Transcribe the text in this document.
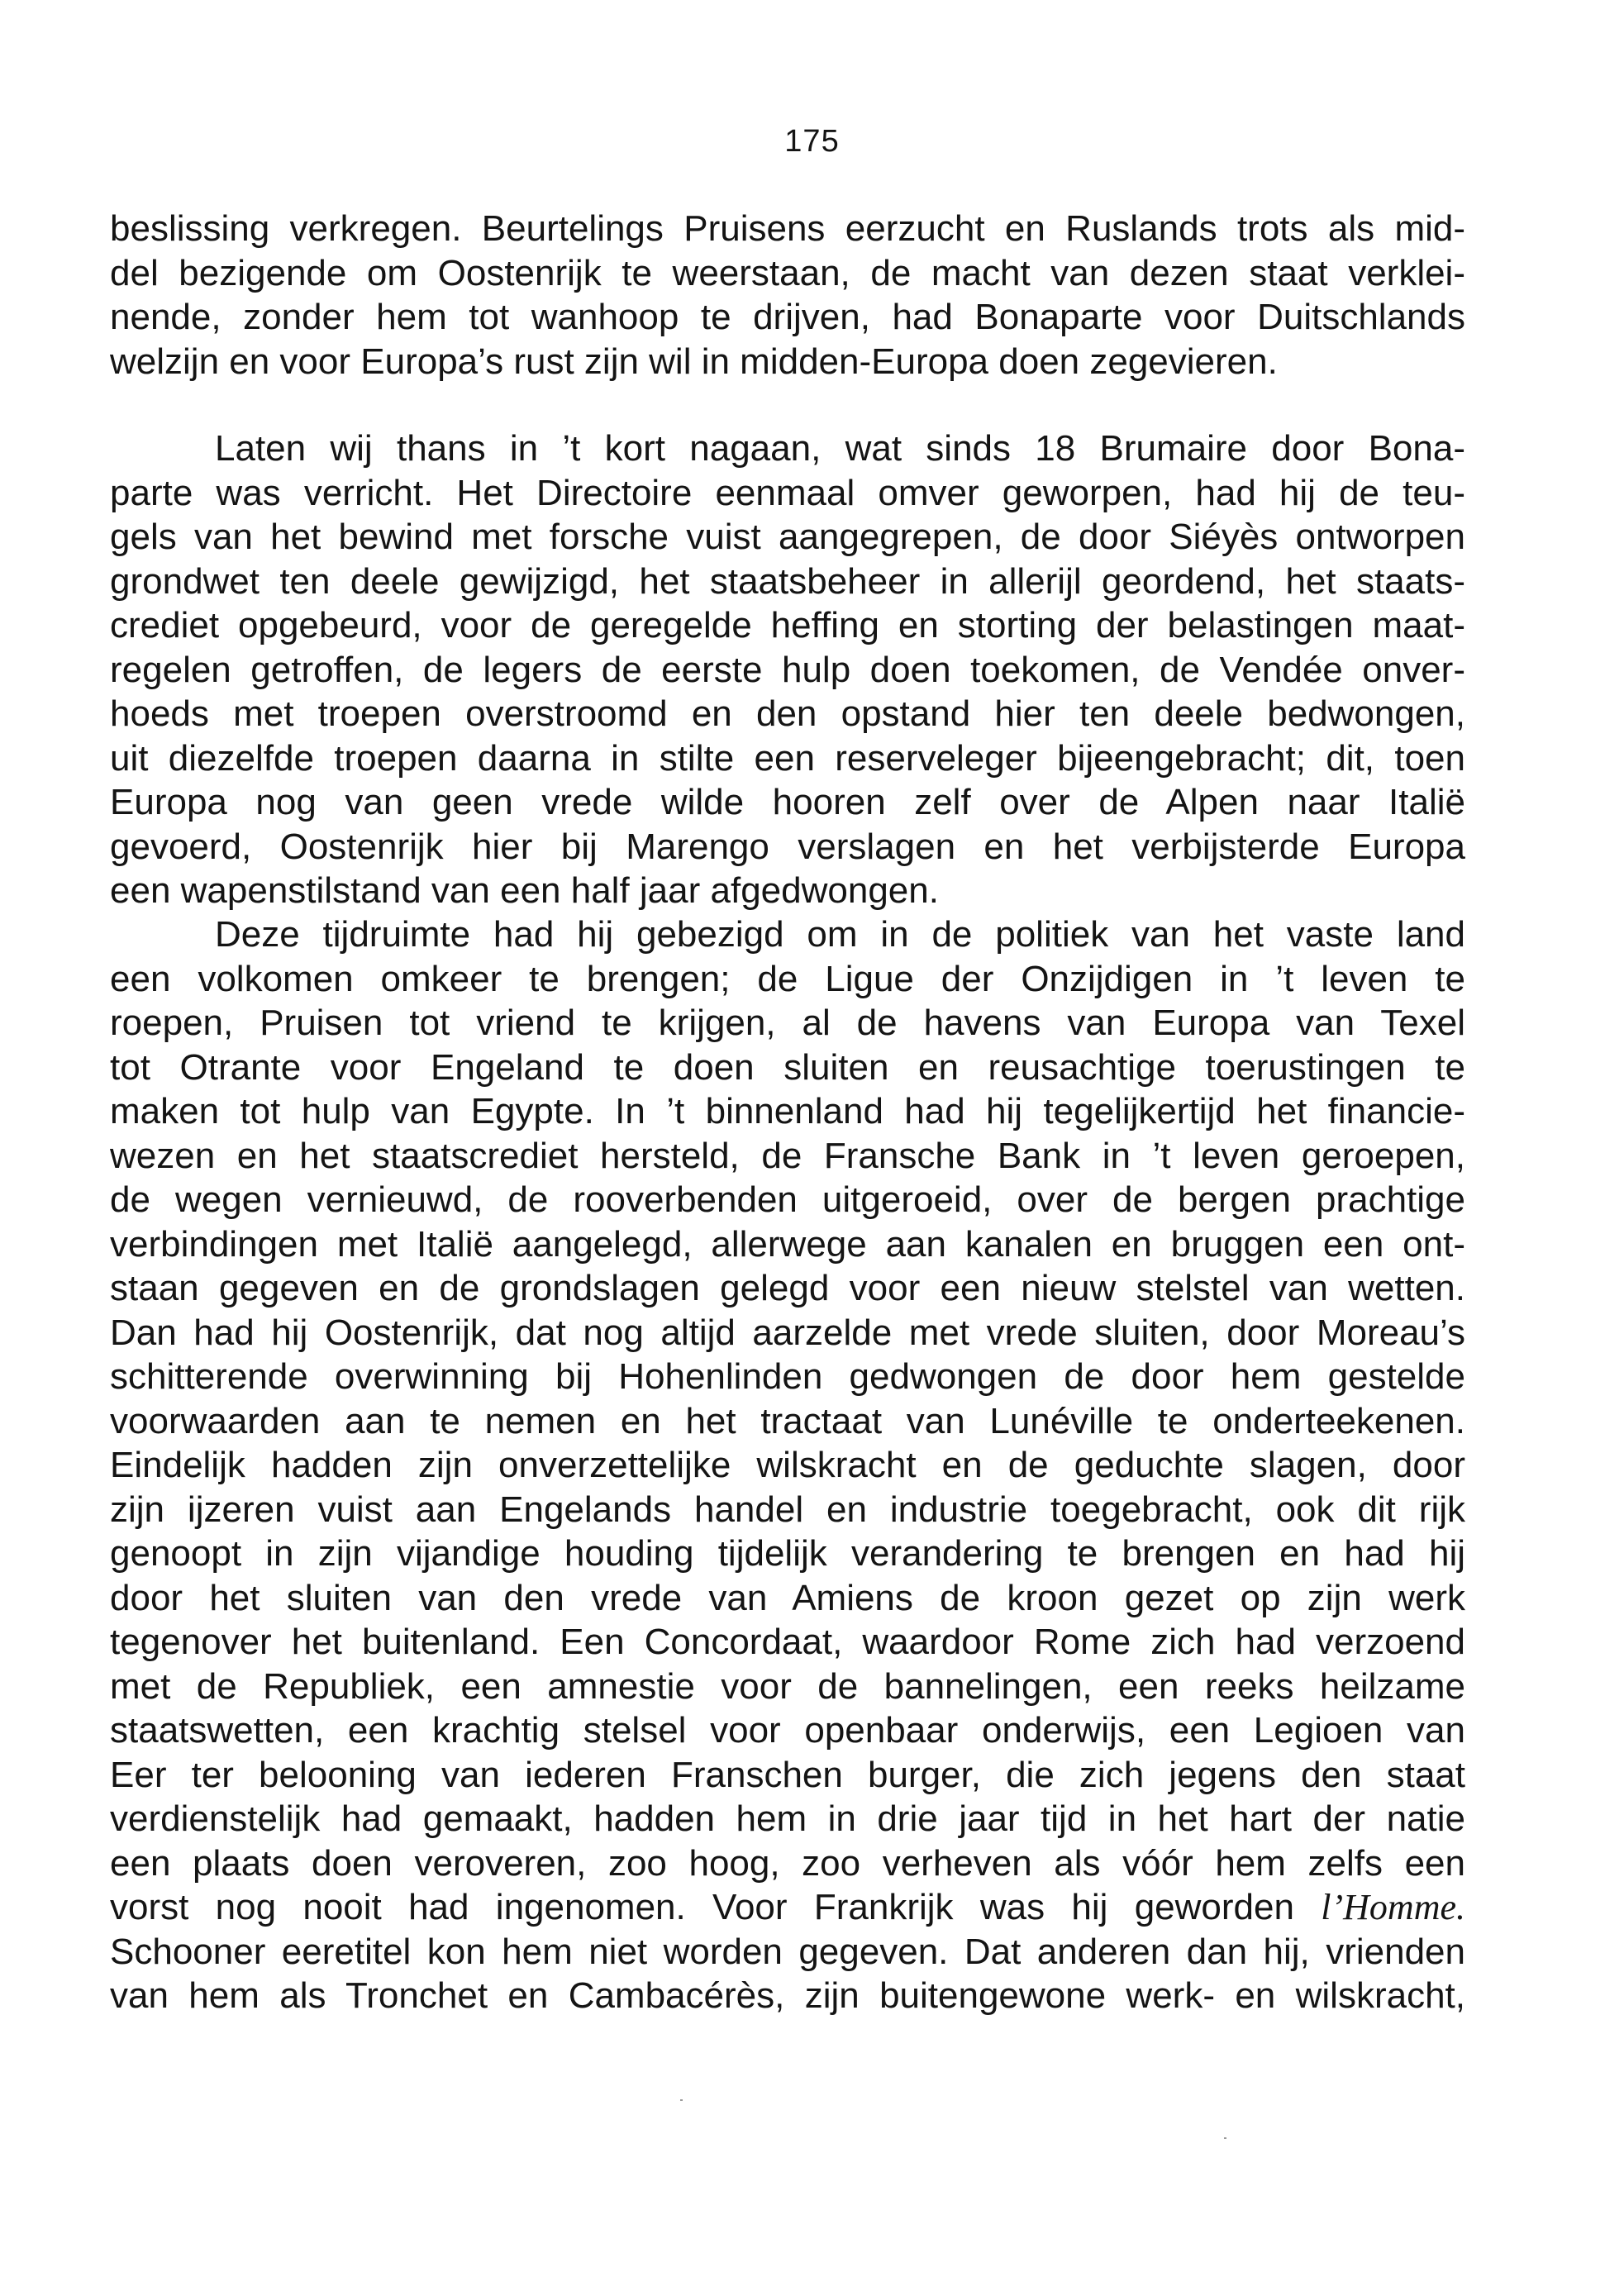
175
beslissing verkregen. Beurtelings Pruisens eerzucht en Ruslands trots als mid-
del bezigende om Oostenrijk te weerstaan, de macht van dezen staat verklei-
nende, zonder hem tot wanhoop te drijven, had Bonaparte voor Duitschlands
welzijn en voor Europa’s rust zijn wil in midden-Europa doen zegevieren.
Laten wij thans in ’t kort nagaan, wat sinds 18 Brumaire door Bona-
parte was verricht. Het Directoire eenmaal omver geworpen, had hij de teu-
gels van het bewind met forsche vuist aangegrepen, de door Siéyès ontworpen
grondwet ten deele gewijzigd, het staatsbeheer in allerijl geordend, het staats-
crediet opgebeurd, voor de geregelde heffing en storting der belastingen maat-
regelen getroffen, de legers de eerste hulp doen toekomen, de Vendée onver-
hoeds met troepen overstroomd en den opstand hier ten deele bedwongen,
uit diezelfde troepen daarna in stilte een reserveleger bijeengebracht; dit, toen
Europa nog van geen vrede wilde hooren zelf over de Alpen naar Italië
gevoerd, Oostenrijk hier bij Marengo verslagen en het verbijsterde Europa
een wapenstilstand van een half jaar afgedwongen.
Deze tijdruimte had hij gebezigd om in de politiek van het vaste land
een volkomen omkeer te brengen; de Ligue der Onzijdigen in ’t leven te
roepen, Pruisen tot vriend te krijgen, al de havens van Europa van Texel
tot Otrante voor Engeland te doen sluiten en reusachtige toerustingen te
maken tot hulp van Egypte. In ’t binnenland had hij tegelijkertijd het financie-
wezen en het staatscrediet hersteld, de Fransche Bank in ’t leven geroepen,
de wegen vernieuwd, de rooverbenden uitgeroeid, over de bergen prachtige
verbindingen met Italië aangelegd, allerwege aan kanalen en bruggen een ont-
staan gegeven en de grondslagen gelegd voor een nieuw stelstel van wetten.
Dan had hij Oostenrijk, dat nog altijd aarzelde met vrede sluiten, door Moreau’s
schitterende overwinning bij Hohenlinden gedwongen de door hem gestelde
voorwaarden aan te nemen en het tractaat van Lunéville te onderteekenen.
Eindelijk hadden zijn onverzettelijke wilskracht en de geduchte slagen, door
zijn ijzeren vuist aan Engelands handel en industrie toegebracht, ook dit rijk
genoopt in zijn vijandige houding tijdelijk verandering te brengen en had hij
door het sluiten van den vrede van Amiens de kroon gezet op zijn werk
tegenover het buitenland. Een Concordaat, waardoor Rome zich had verzoend
met de Republiek, een amnestie voor de bannelingen, een reeks heilzame
staatswetten, een krachtig stelsel voor openbaar onderwijs, een Legioen van
Eer ter belooning van iederen Franschen burger, die zich jegens den staat
verdienstelijk had gemaakt, hadden hem in drie jaar tijd in het hart der natie
een plaats doen veroveren, zoo hoog, zoo verheven als vóór hem zelfs een
vorst nog nooit had ingenomen. Voor Frankrijk was hij geworden l’Homme.
Schooner eeretitel kon hem niet worden gegeven. Dat anderen dan hij, vrienden
van hem als Tronchet en Cambacérès, zijn buitengewone werk- en wilskracht,
